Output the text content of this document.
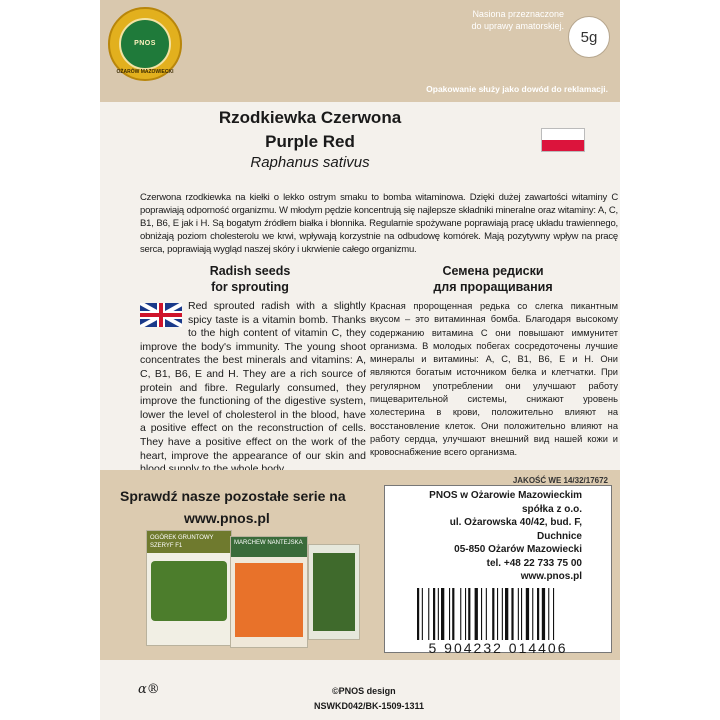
PNOS
OŻARÓW MAZOWIECKI
Nasiona przeznaczone
do uprawy amatorskiej.
5g
Opakowanie służy jako dowód do reklamacji.
Rzodkiewka Czerwona
Purple Red
Raphanus sativus
Czerwona rzodkiewka na kiełki o lekko ostrym smaku to bomba witaminowa. Dzięki dużej zawartości witaminy C poprawiają odporność organizmu. W młodym pędzie koncentrują się najlepsze składniki mineralne oraz witaminy: A, C, B1, B6, E jak i H. Są bogatym źródłem białka i błonnika. Regularnie spożywane poprawiają pracę układu trawiennego, obniżają poziom cholesterolu we krwi, wpływają korzystnie na odbudowę komórek. Mają pozytywny wpływ na pracę serca, poprawiają wygląd naszej skóry i ukrwienie całego organizmu.
Radish seeds
for sprouting
Семена редиски
для проращивания
Red sprouted radish with a slightly spicy taste is a vitamin bomb. Thanks to the high content of vitamin C, they improve the body's immunity. The young shoot concentrates the best minerals and vitamins: A, C, B1, B6, E and H. They are a rich source of protein and fibre. Regularly consumed, they improve the functioning of the digestive system, lower the level of cholesterol in the blood, have a positive effect on the reconstruction of cells. They have a positive effect on the work of the heart, improve the appearance of our skin and
Красная пророщенная редька со слегка пикантным вкусом – это витаминная бомба. Благодаря высокому содержанию витамина С они повышают иммунитет организма. В молодых побегах сосредоточены лучшие минералы и витамины: А, С, В1, В6, Е и Н. Они являются богатым источником белка и клетчатки. При регулярном употреблении они улучшают работу пищеварительной системы, снижают уровень холестерина в крови, положительно влияют на восстановление клеток. Они положительно влияют на работу сердца, улучшают внешний вид нашей кожи и кровоснабжение всего организма.
JAKOŚĆ WE 14/32/17672
Sprawdź nasze pozostałe serie na
www.pnos.pl
OGÓREK GRUNTOWY SZERYF F1	MARCHEW NANTEJSKA
PNOS w Ożarowie Mazowieckim
spółka z o.o.
ul. Ożarowska 40/42, bud. F,
Duchnice
05-850 Ożarów Mazowiecki
tel. +48 22 733 75 00
www.pnos.pl
5 904232 014406
α®	©PNOS design
NSWKD042/BK-1509-1311
